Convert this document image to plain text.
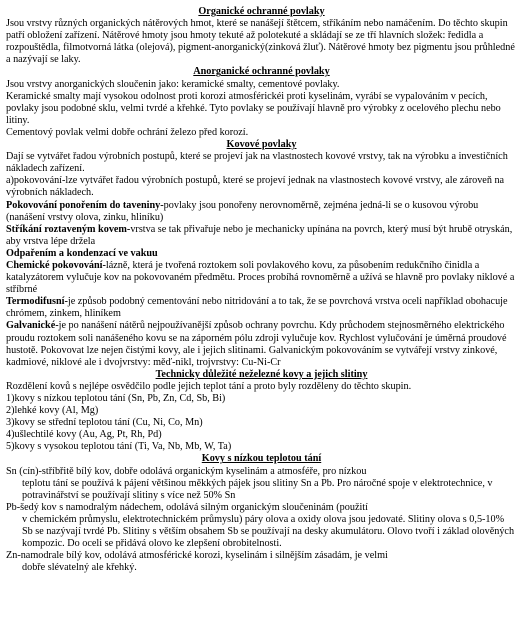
Organické ochranné povlaky

Jsou vrstvy různých organických nátěrových hmot, které se nanášejí štětcem, stříkáním nebo namáčením. Do těchto skupin patří obložení zařízení. Nátěrové hmoty jsou hmoty tekuté až polotekuté a skládají se ze tří hlavních složek: ředidla a rozpouštědla, filmotvorná látka (olejová), pigment-anorganický(zinková žluť). Nátěrové hmoty bez pigmentu jsou průhledné a nazývají se laky.

Anorganické ochranné povlaky

Jsou vrstvy anorganických sloučenin jako: keramické smalty, cementové povlaky.

Keramické smalty mají vysokou odolnost proti korozi atmosférickéi proti kyselinám, vyrábí se vypalováním v pecích, povlaky jsou podobné sklu, velmi tvrdé a křehké. Tyto povlaky se používají hlavně pro výrobky z ocelového plechu nebo litiny.

Cementový povlak velmi dobře ochrání železo před korozí.

Kovové povlaky

Dají se vytvářet řadou výrobních postupů, které se projeví jak na vlastnostech kovové vrstvy, tak na výrobku a investičních nákladech zařízení.

a)pokovování-lze vytvářet řadou výrobních postupů, které se projeví jednak na vlastnostech kovové vrstvy, ale zároveň na výrobních nákladech.

Pokovování ponořením do taveniny-povlaky jsou ponořeny nerovnoměrně, zejména jedná-li se o kusovou výrobu (nanášení vrstvy olova, zinku, hliníku)

Stříkání roztaveným kovem-vrstva se tak přivařuje nebo je mechanicky upínána na povrch, který musí být hrubě otryskán, aby vrstva lépe držela

Odpařením a kondenzací ve vakuu

Chemické pokovování-lázně, která je tvořená roztokem soli povlakového kovu, za působením redukčního činidla a katalyzátorem vylučuje kov na pokovovaném předmětu. Proces probíhá rovnoměrně a užívá se hlavně pro povlaky niklové a stříbrné

Termodifusní-je způsob podobný cementování nebo nitridování a to tak, že se povrchová vrstva oceli například obohacuje chrómem, zinkem, hliníkem

Galvanické-je po nanášení nátěrů nejpoužívanější způsob ochrany povrchu. Kdy průchodem stejnosměrného elektrického proudu roztokem soli nanášeného kovu se na záporném pólu zdroji vylučuje kov. Rychlost vylučování je úměrná proudové hustotě. Pokovovat lze nejen čistými kovy, ale i jejich slitinami. Galvanickým pokovováním se vytvářejí vrstvy zinkové, kadmiové, niklové ale i dvojvrstvy: měď-nikl, trojvrstvy: Cu-Ni-Cr

Technicky důležité neželezné kovy a jejich slitiny

Rozdělení kovů s nejlépe osvědčilo podle jejich teplot tání a proto byly rozděleny do těchto skupin.

1)kovy s nízkou teplotou tání (Sn, Pb, Zn, Cd, Sb, Bi)

2)lehké kovy (Al, Mg)

3)kovy se střední teplotou tání (Cu, Ni, Co, Mn)

4)ušlechtilé kovy (Au, Ag, Pt, Rh, Pd)

5)kovy s vysokou teplotou tání (Ti, Va, Nb, Mb, W, Ta)

Kovy s nízkou teplotou tání

Sn (cín)-stříbřitě bílý kov, dobře odolává organickým kyselinám a atmosféře, pro nízkou

teplotu tání se používá k pájení většinou měkkých pájek jsou slitiny Sn a Pb. Pro náročné spoje v elektrotechnice, v potravinářství se používají slitiny s více než 50% Sn

Pb-šedý kov s namodralým nádechem, odolává silným organickým sloučeninám (použití

v chemickém průmyslu, elektrotechnickém průmyslu) páry olova a oxidy olova jsou jedovaté. Slitiny olova s 0,5-10% Sb se nazývají tvrdé Pb. Slitiny s větším obsahem Sb se používají na desky akumulátoru. Olovo tvoří i základ olověných kompozic. Do oceli se přidává olovo ke zlepšení obrobitelnosti.

Zn-namodrale bílý kov, odolává atmosférické korozi, kyselinám i silnějším zásadám, je velmi

dobře slévatelný ale křehký.
